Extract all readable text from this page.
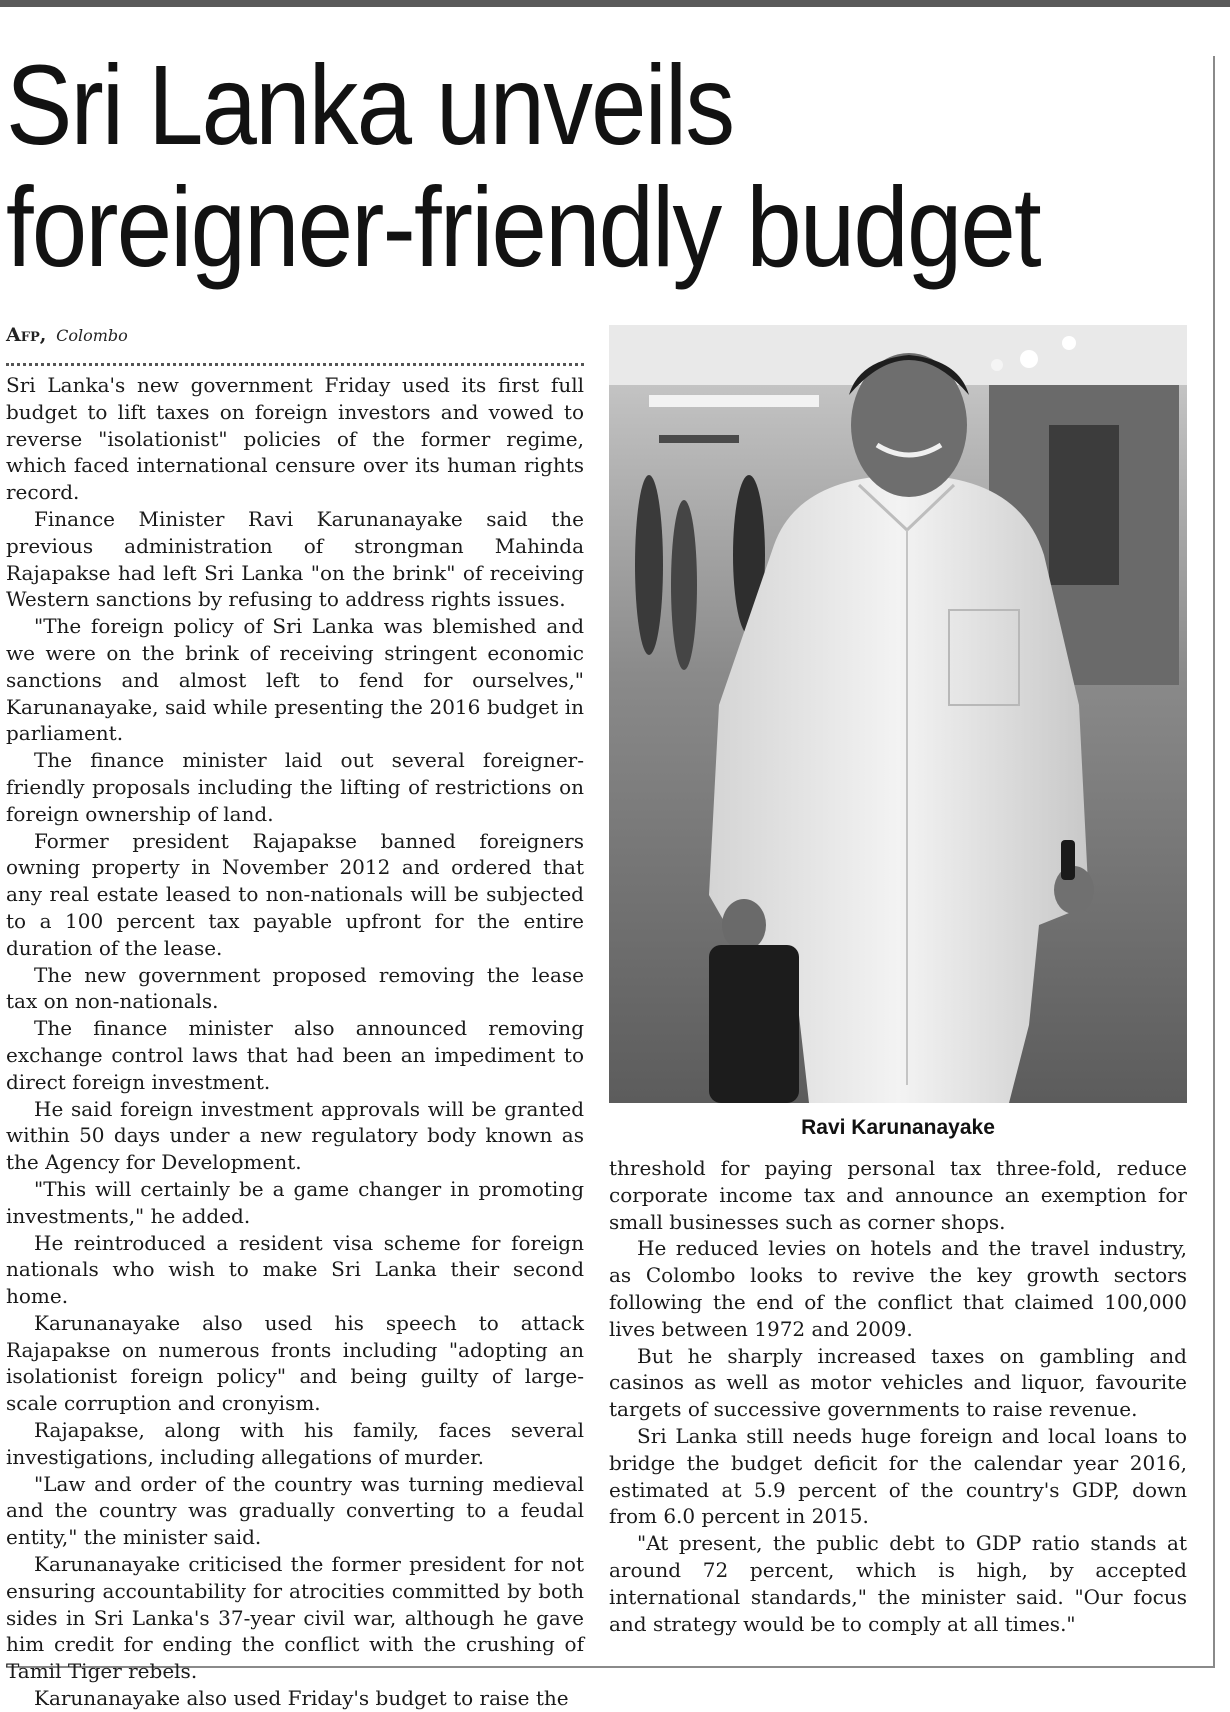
Sri Lanka unveils foreigner-friendly budget
Afp, Colombo

Sri Lanka's new government Friday used its first full budget to lift taxes on foreign investors and vowed to reverse "isolationist" policies of the former regime, which faced international censure over its human rights record.

Finance Minister Ravi Karunanayake said the previous administration of strongman Mahinda Rajapakse had left Sri Lanka "on the brink" of receiving Western sanctions by refusing to address rights issues.

"The foreign policy of Sri Lanka was blemished and we were on the brink of receiving stringent economic sanctions and almost left to fend for ourselves," Karunanayake, said while presenting the 2016 budget in parliament.

The finance minister laid out several foreigner-friendly proposals including the lifting of restrictions on foreign ownership of land.

Former president Rajapakse banned foreigners owning property in November 2012 and ordered that any real estate leased to non-nationals will be subjected to a 100 percent tax payable upfront for the entire duration of the lease.

The new government proposed removing the lease tax on non-nationals.

The finance minister also announced removing exchange control laws that had been an impediment to direct foreign investment.

He said foreign investment approvals will be granted within 50 days under a new regulatory body known as the Agency for Development.

"This will certainly be a game changer in promoting investments," he added.

He reintroduced a resident visa scheme for foreign nationals who wish to make Sri Lanka their second home.

Karunanayake also used his speech to attack Rajapakse on numerous fronts including "adopting an isolationist foreign policy" and being guilty of large-scale corruption and cronyism.

Rajapakse, along with his family, faces several investigations, including allegations of murder.

"Law and order of the country was turning medieval and the country was gradually converting to a feudal entity," the minister said.

Karunanayake criticised the former president for not ensuring accountability for atrocities committed by both sides in Sri Lanka's 37-year civil war, although he gave him credit for ending the conflict with the crushing of Tamil Tiger rebels.

Karunanayake also used Friday's budget to raise the

Ravi Karunanayake

threshold for paying personal tax three-fold, reduce corporate income tax and announce an exemption for small businesses such as corner shops.

He reduced levies on hotels and the travel industry, as Colombo looks to revive the key growth sectors following the end of the conflict that claimed 100,000 lives between 1972 and 2009.

But he sharply increased taxes on gambling and casinos as well as motor vehicles and liquor, favourite targets of successive governments to raise revenue.

Sri Lanka still needs huge foreign and local loans to bridge the budget deficit for the calendar year 2016, estimated at 5.9 percent of the country's GDP, down from 6.0 percent in 2015.

"At present, the public debt to GDP ratio stands at around 72 percent, which is high, by accepted international standards," the minister said. "Our focus and strategy would be to comply at all times."
